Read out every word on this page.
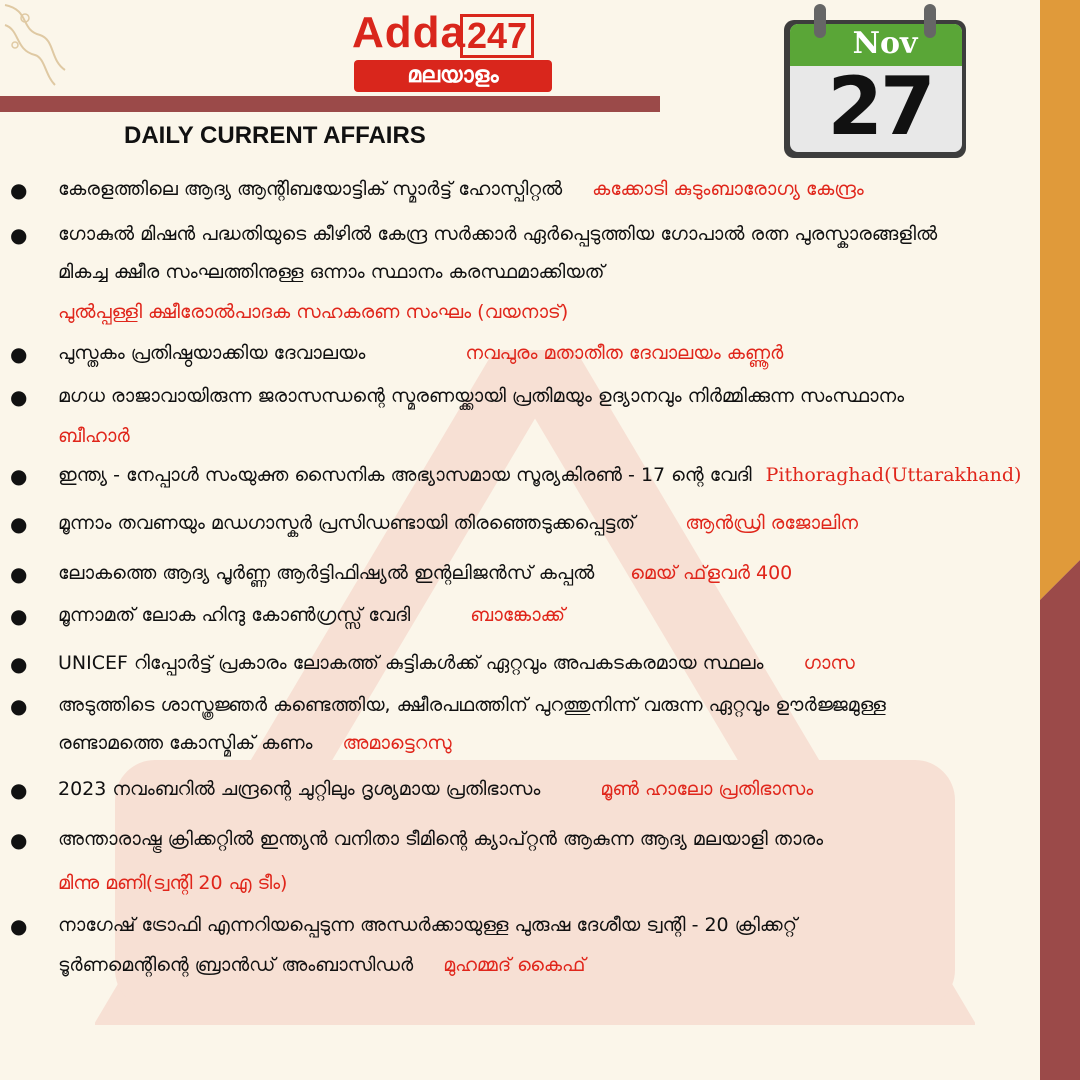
Adda 247
മലയാളം
Nov
27
DAILY CURRENT AFFAIRS
● കേരളത്തിലെ ആദ്യ ആന്റിബയോട്ടിക് സ്മാർട്ട് ഹോസ്പിറ്റൽ കക്കോടി കുടുംബാരോഗ്യ കേന്ദ്രം
● ഗോകുൽ മിഷൻ പദ്ധതിയുടെ കീഴിൽ കേന്ദ്ര സർക്കാർ ഏർപ്പെടുത്തിയ ഗോപാൽ രത്ന പുരസ്കാരങ്ങളിൽ
മികച്ച ക്ഷീര സംഘത്തിനുള്ള ഒന്നാം സ്ഥാനം കരസ്ഥമാക്കിയത്
പുൽപ്പള്ളി ക്ഷീരോൽപാദക സഹകരണ സംഘം (വയനാട്)
● പുസ്തകം പ്രതിഷ്ഠയാക്കിയ ദേവാലയം	നവപുരം മതാതീത ദേവാലയം കണ്ണൂർ
● മഗധ രാജാവായിരുന്ന ജരാസന്ധന്റെ സ്മരണയ്ക്കായി പ്രതിമയും ഉദ്യാനവും നിർമ്മിക്കുന്ന സംസ്ഥാനം
ബീഹാർ
● ഇന്ത്യ - നേപ്പാൾ സംയുക്ത സൈനിക അഭ്യാസമായ സൂര്യകിരൺ - 17 ന്റെ വേദി Pithoraghad(Uttarakhand)
● മൂന്നാം തവണയും മഡഗാസ്കർ പ്രസിഡണ്ടായി തിരഞ്ഞെടുക്കപ്പെട്ടത്	ആൻഡ്രി രജോലിന
● ലോകത്തെ ആദ്യ പൂർണ്ണ ആർട്ടിഫിഷ്യൽ ഇന്റലിജൻസ് കപ്പൽ മെയ് ഫ്‌ളവർ 400
● മൂന്നാമത് ലോക ഹിന്ദു കോൺഗ്രസ്സ് വേദി	ബാങ്കോക്ക്
● UNICEF റിപ്പോർട്ട് പ്രകാരം ലോകത്ത് കുട്ടികൾക്ക് ഏറ്റവും അപകടകരമായ സ്ഥലം ഗാസ
● അടുത്തിടെ ശാസ്ത്രജ്ഞർ കണ്ടെത്തിയ, ക്ഷീരപഥത്തിന് പുറത്തുനിന്ന് വരുന്ന ഏറ്റവും ഊർജ്ജമുള്ള
രണ്ടാമത്തെ കോസ്മിക് കണം അമാട്ടെറസു
● 2023 നവംബറിൽ ചന്ദ്രന്റെ ചുറ്റിലും ദൃശ്യമായ പ്രതിഭാസം	മൂൺ ഹാലോ പ്രതിഭാസം
● അന്താരാഷ്ട്ര ക്രിക്കറ്റിൽ ഇന്ത്യൻ വനിതാ ടീമിന്റെ ക്യാപ്റ്റൻ ആകുന്ന ആദ്യ മലയാളി താരം
മിന്നു മണി(ട്വന്റി 20 എ ടീം)
● നാഗേഷ് ട്രോഫി എന്നറിയപ്പെടുന്ന അന്ധർക്കായുള്ള പുരുഷ ദേശീയ ട്വന്റി - 20 ക്രിക്കറ്റ്
ടൂർണമെന്റിന്റെ ബ്രാൻഡ് അംബാസിഡർ മുഹമ്മദ് കൈഫ്
